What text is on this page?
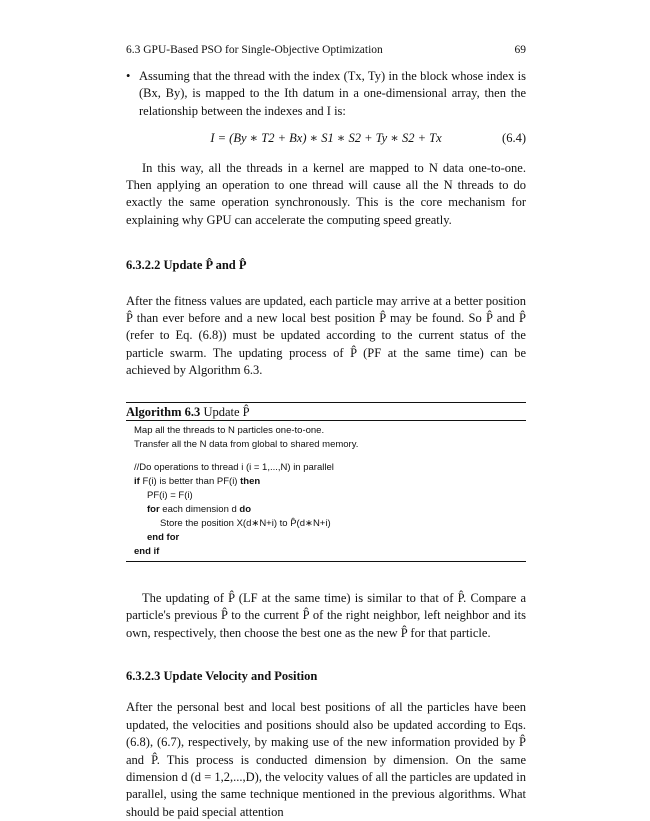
6.3 GPU-Based PSO for Single-Objective Optimization	69
• Assuming that the thread with the index (Tx, Ty) in the block whose index is (Bx, By), is mapped to the Ith datum in a one-dimensional array, then the relationship between the indexes and I is:

I = (By ∗ T2 + Bx) ∗ S1 ∗ S2 + Ty ∗ S2 + Tx	(6.4)

In this way, all the threads in a kernel are mapped to N data one-to-one. Then applying an operation to one thread will cause all the N threads to do exactly the same operation synchronously. This is the core mechanism for explaining why GPU can accelerate the computing speed greatly.

6.3.2.2 Update P̂ and P̂

After the fitness values are updated, each particle may arrive at a better position P̂ than ever before and a new local best position P̂ may be found. So P̂ and P̂ (refer to Eq. (6.8)) must be updated according to the current status of the particle swarm. The updating process of P̂ (PF at the same time) can be achieved by Algorithm 6.3.

Algorithm 6.3 Update P̂
Map all the threads to N particles one-to-one.
Transfer all the N data from global to shared memory.
//Do operations to thread i (i = 1,...,N) in parallel
if F(i) is better than PF(i) then
PF(i) = F(i)
for each dimension d do
Store the position X(d∗N+i) to P̂(d∗N+i)
end for
end if

The updating of P̂ (LF at the same time) is similar to that of P̂. Compare a particle's previous P̂ to the current P̂ of the right neighbor, left neighbor and its own, respectively, then choose the best one as the new P̂ for that particle.

6.3.2.3 Update Velocity and Position

After the personal best and local best positions of all the particles have been updated, the velocities and positions should also be updated according to Eqs. (6.8), (6.7), respectively, by making use of the new information provided by P̂ and P̂. This process is conducted dimension by dimension. On the same dimension d (d = 1,2,...,D), the velocity values of all the particles are updated in parallel, using the same technique mentioned in the previous algorithms. What should be paid special attention
